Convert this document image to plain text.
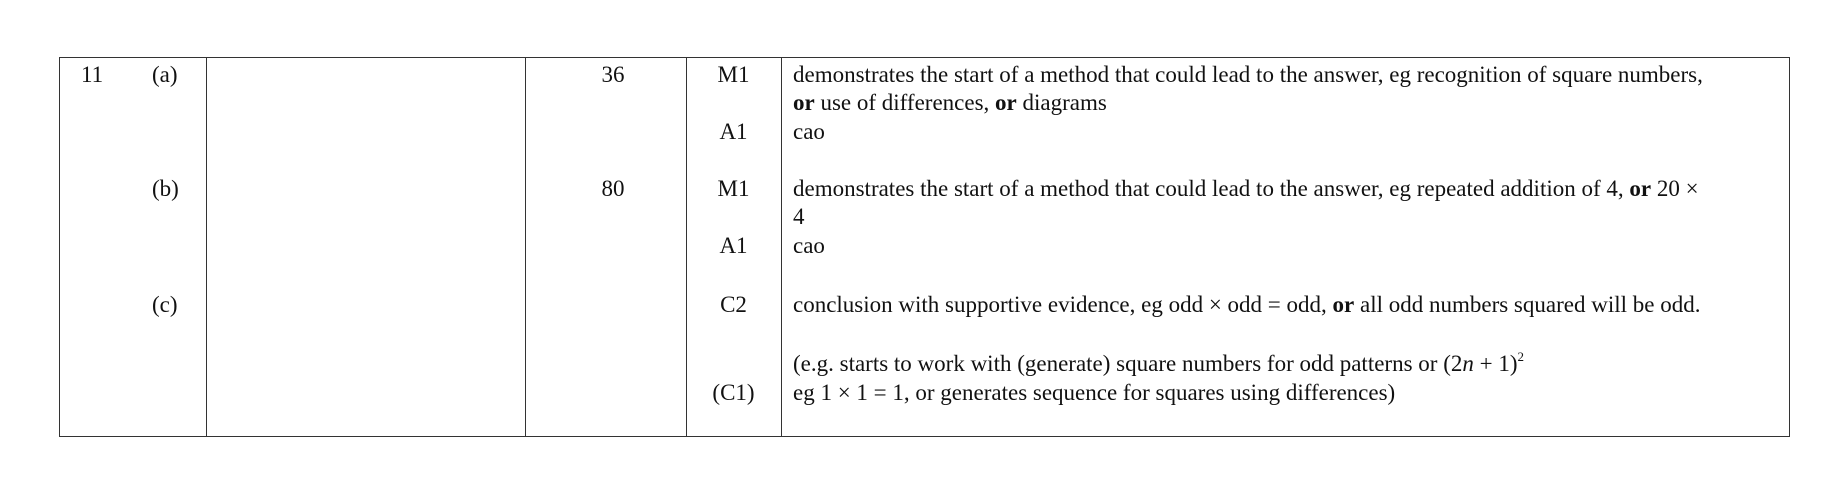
11 (a)	36	M1	demonstrates the start of a method that could lead to the answer, eg recognition of square numbers,
or use of differences, or diagrams
A1	cao
(b)	80	M1	demonstrates the start of a method that could lead to the answer, eg repeated addition of 4, or 20 ×
4
A1	cao
(c)	C2	conclusion with supportive evidence, eg odd × odd = odd, or all odd numbers squared will be odd.
(e.g. starts to work with (generate) square numbers for odd patterns or $(2n + 1)^2$
(C1)	eg 1 × 1 = 1, or generates sequence for squares using differences)
